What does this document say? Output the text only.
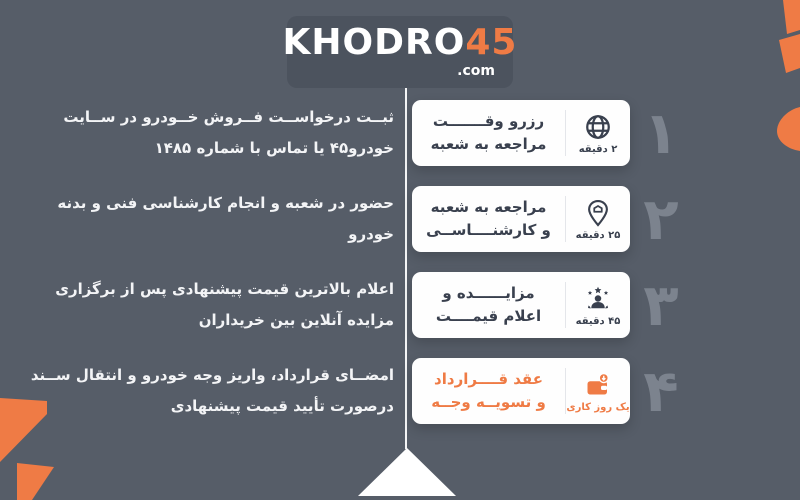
KHODRO45
.com
ثبــت درخواســت فــروش خــودرو در ســایت خودرو۴۵ یا تماس با شماره ۱۴۸۵	۲ دقیقه
رزرو وقـــــــت
مراجعه به شعبه ۱
حضور در شعبه و انجام کارشناسی فنی و بدنه خودرو	۲۵ دقیقه
مراجعه به شعبه
و کارشنــــاســی ۲
اعلام بالاترین قیمت پیشنهادی پس از برگزاری مزایده آنلاین بین خریداران	۴۵ دقیقه
مزایــــــده و
اعلام قیمــــت ۳
امضــای قرارداد، واریز وجه خودرو و انتقال ســند درصورت تأیید قیمت پیشنهادی	یک روز کاری
عقد قــــرارداد
و تسویــه وجــه ۴
